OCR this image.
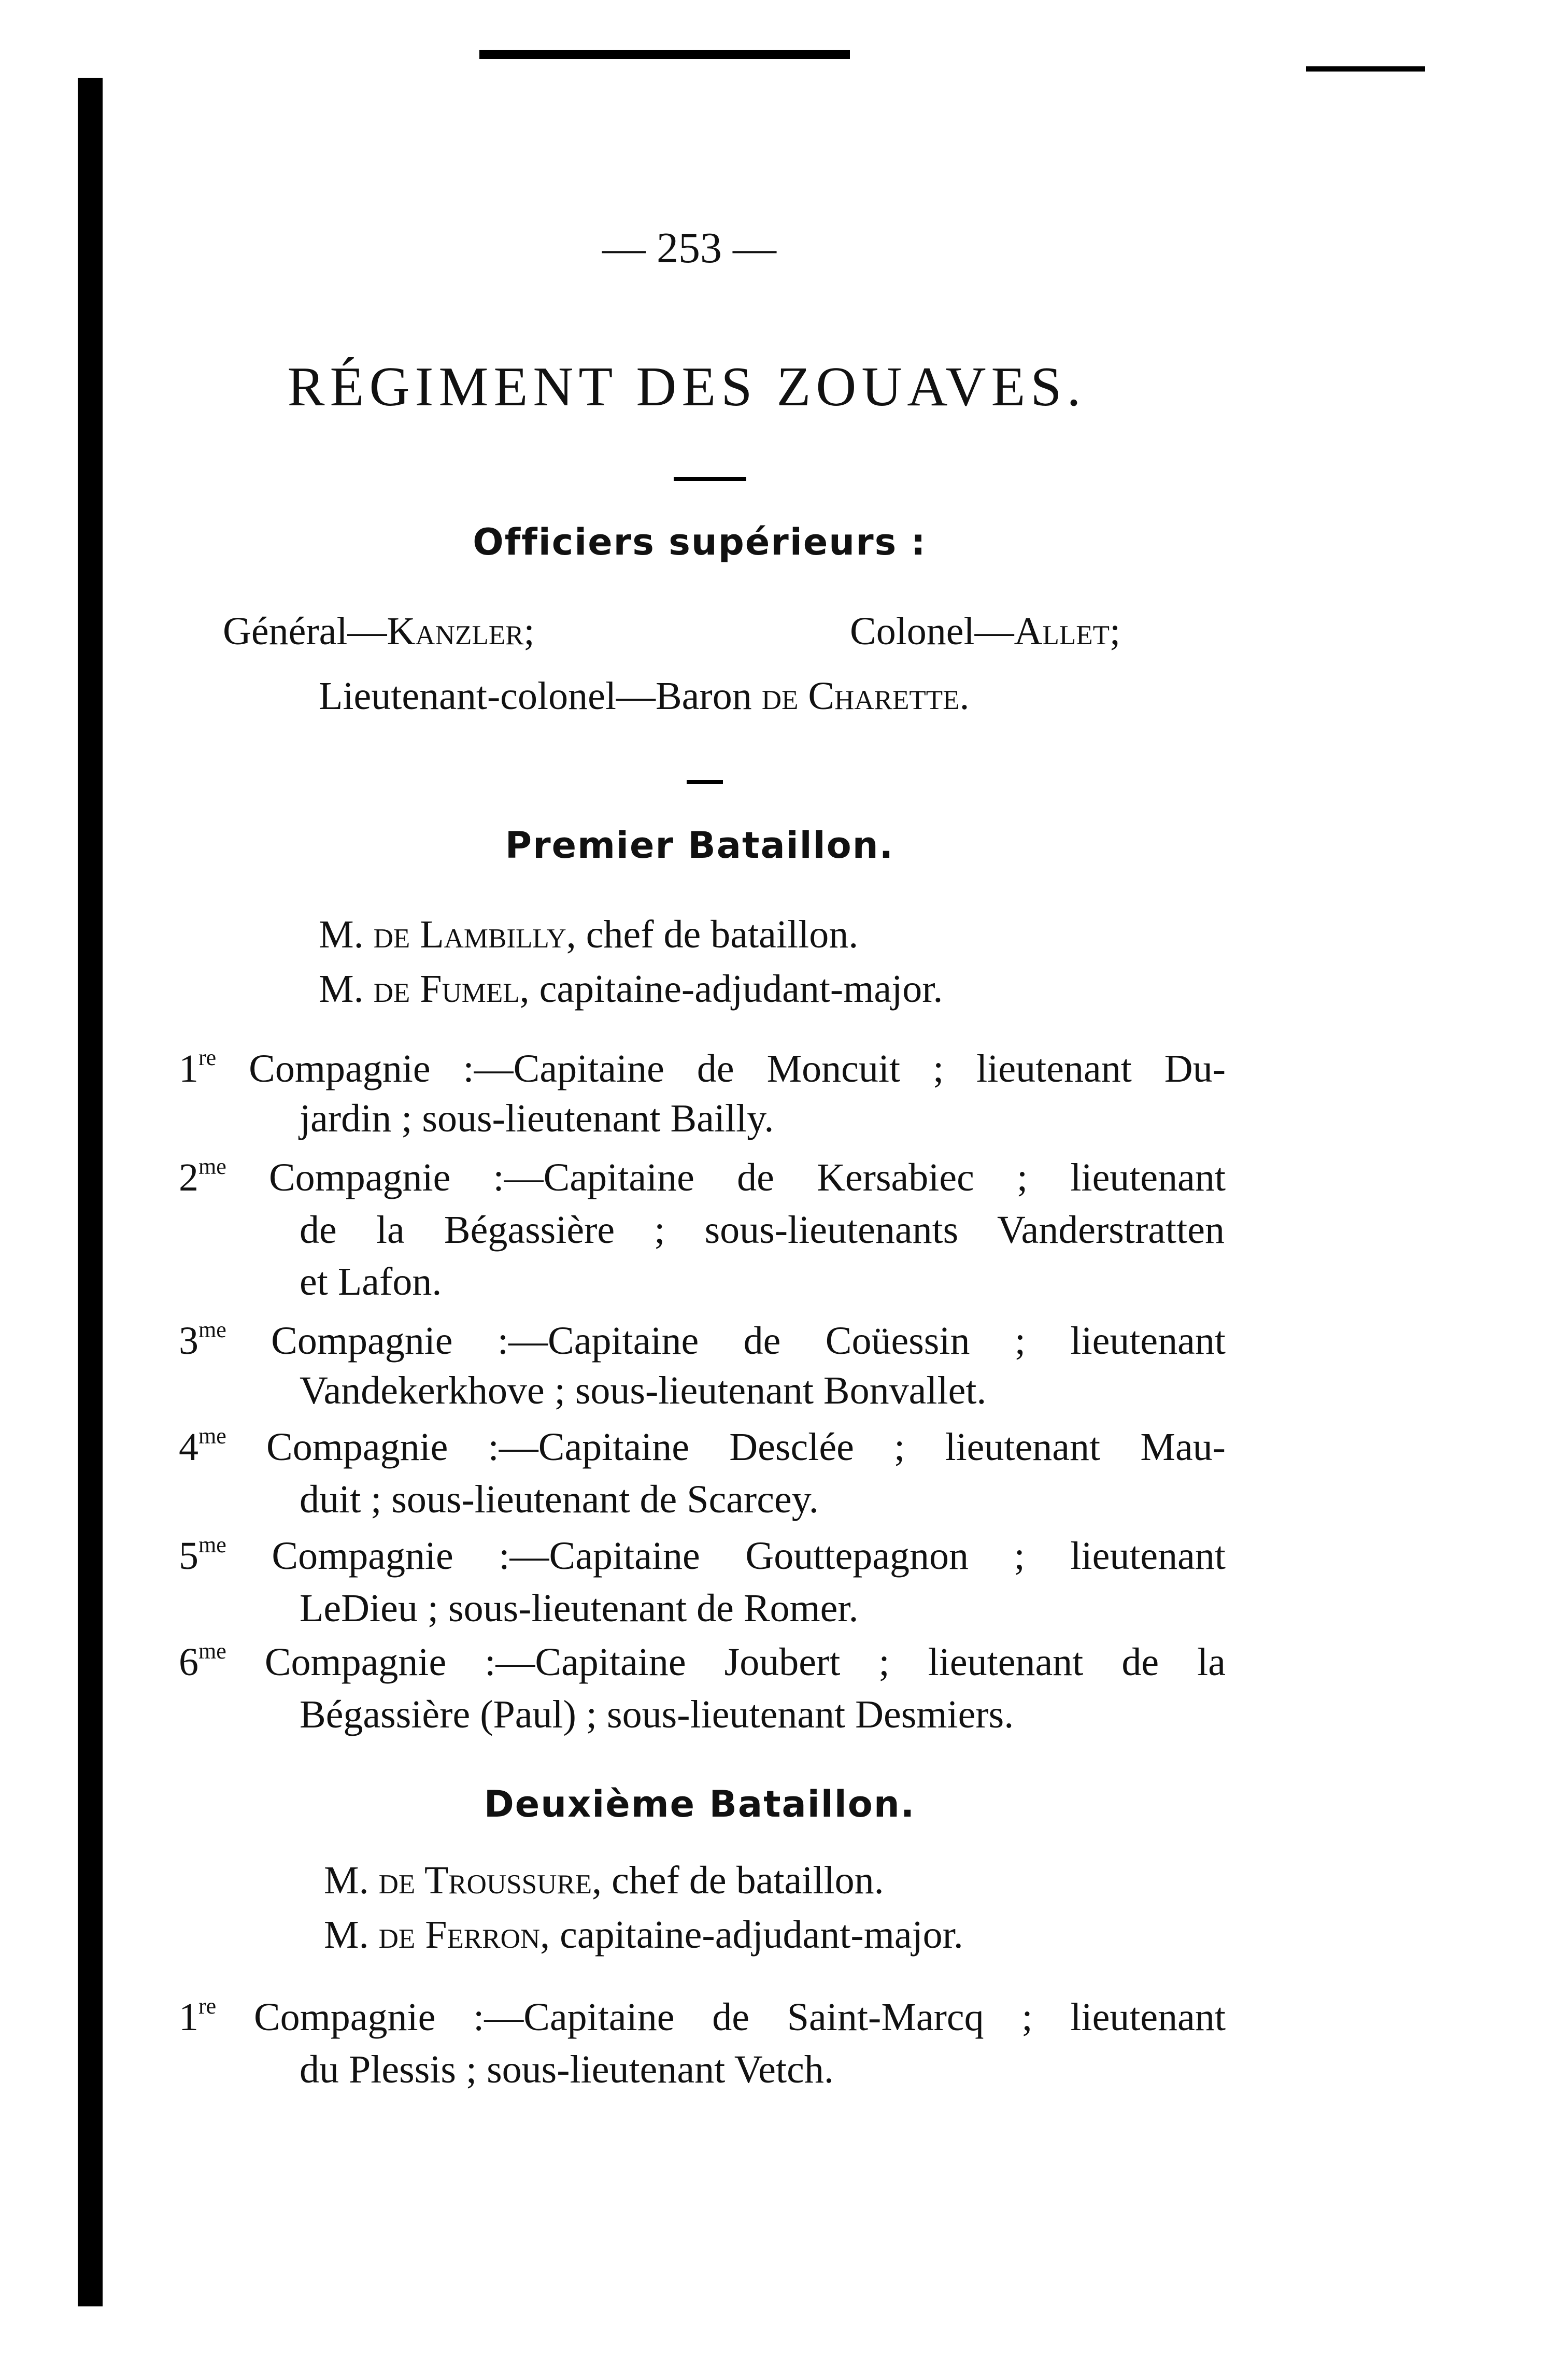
— 253 —
RÉGIMENT DES ZOUAVES.
Officiers supérieurs :
Général—Kanzler;	Colonel—Allet;
Lieutenant-colonel—Baron de Charette.
Premier Bataillon.
M. de Lambilly, chef de bataillon.
M. de Fumel, capitaine-adjudant-major.
1re Compagnie :—Capitaine de Moncuit ; lieutenant Du-
jardin ; sous-lieutenant Bailly.
$2^{me}$ Compagnie :—Capitaine de Kersabiec ; lieutenant
de la Bégassière ; sous-lieutenants Vanderstratten
et Lafon.
$3^{me}$ Compagnie :—Capitaine de Coüessin ; lieutenant
Vandekerkhove ; sous-lieutenant Bonvallet.
$4^{me}$ Compagnie :—Capitaine Desclée ; lieutenant Mau-
duit ; sous-lieutenant de Scarcey.
$5^{me}$ Compagnie :—Capitaine Gouttepagnon ; lieutenant
LeDieu ; sous-lieutenant de Romer.
$6^{me}$ Compagnie :—Capitaine Joubert ; lieutenant de la
Bégassière (Paul) ; sous-lieutenant Desmiers.
Deuxième Bataillon.
M. de Troussure, chef de bataillon.
M. de Ferron, capitaine-adjudant-major.
1re Compagnie :—Capitaine de Saint-Marcq ; lieutenant
du Plessis ; sous-lieutenant Vetch.
